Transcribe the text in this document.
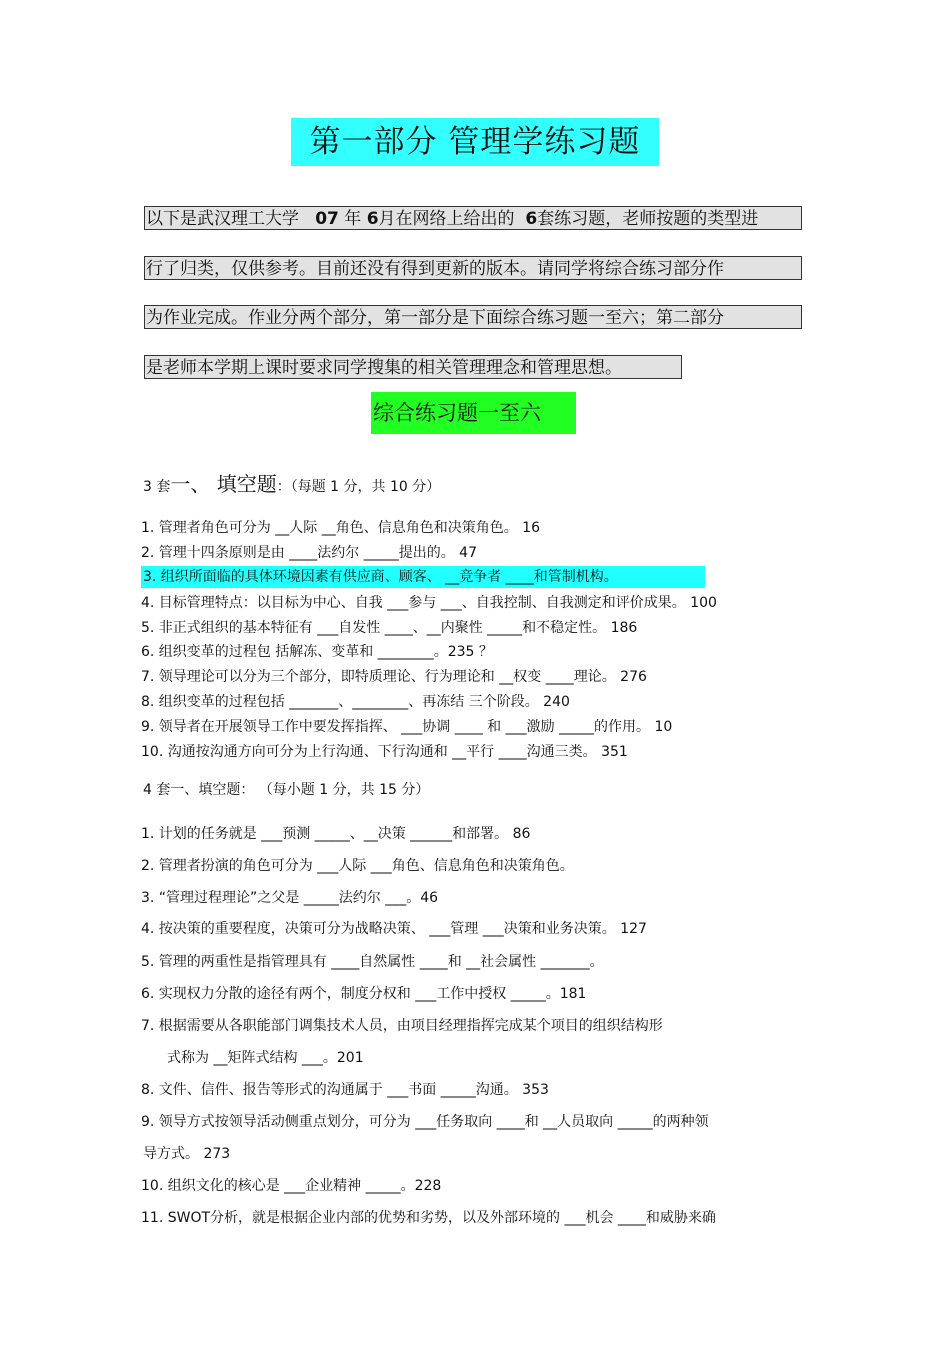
第一部分 管理学练习题
以下是武汉理工大学 07 年 6月在网络上给出的 6套练习题，老师按题的类型进
行了归类，仅供参考。目前还没有得到更新的版本。请同学将综合练习部分作
为作业完成。作业分两个部分，第一部分是下面综合练习题一至六；第二部分
是老师本学期上课时要求同学搜集的相关管理理念和管理思想。
综合练习题一至六
3 套一、 填空题：（每题 1 分，共 10 分）
1. 管理者角色可分为 __人际 __角色、信息角色和决策角色。 16
2. 管理十四条原则是由 ____法约尔 _____提出的。 47
3. 组织所面临的具体环境因素有供应商、顾客、 __竞争者 ____和管制机构。
4. 目标管理特点：以目标为中心、自我 ___参与 ___、自我控制、自我测定和评价成果。 100
5. 非正式组织的基本特征有 ___自发性 ____、__内聚性 _____和不稳定性。 186
6. 组织变革的过程包 括解冻、变革和 ________。235 ？
7. 领导理论可以分为三个部分，即特质理论、行为理论和 __权变 ____理论。 276
8. 组织变革的过程包括 _______、________、再冻结 三个阶段。 240
9. 领导者在开展领导工作中要发挥指挥、 ___协调 ____ 和 ___激励 _____的作用。 10
10. 沟通按沟通方向可分为上行沟通、下行沟通和 __平行 ____沟通三类。 351
4 套一、填空题： （每小题 1 分，共 15 分）
1. 计划的任务就是 ___预测 _____、__决策 ______和部署。 86
2. 管理者扮演的角色可分为 ___人际 ___角色、信息角色和决策角色。
3. “管理过程理论”之父是 _____法约尔 ___。46
4. 按决策的重要程度，决策可分为战略决策、 ___管理 ___决策和业务决策。 127
5. 管理的两重性是指管理具有 ____自然属性 ____和 __社会属性 _______。
6. 实现权力分散的途径有两个，制度分权和 ___工作中授权 _____。181
7. 根据需要从各职能部门调集技术人员，由项目经理指挥完成某个项目的组织结构形
式称为 __矩阵式结构 ___。201
8. 文件、信件、报告等形式的沟通属于 ___书面 _____沟通。 353
9. 领导方式按领导活动侧重点划分，可分为 ___任务取向 ____和 __人员取向 _____的两种领
导方式。 273
10. 组织文化的核心是 ___企业精神 _____。228
11. SWOT分析，就是根据企业内部的优势和劣势，以及外部环境的 ___机会 ____和威胁来确
